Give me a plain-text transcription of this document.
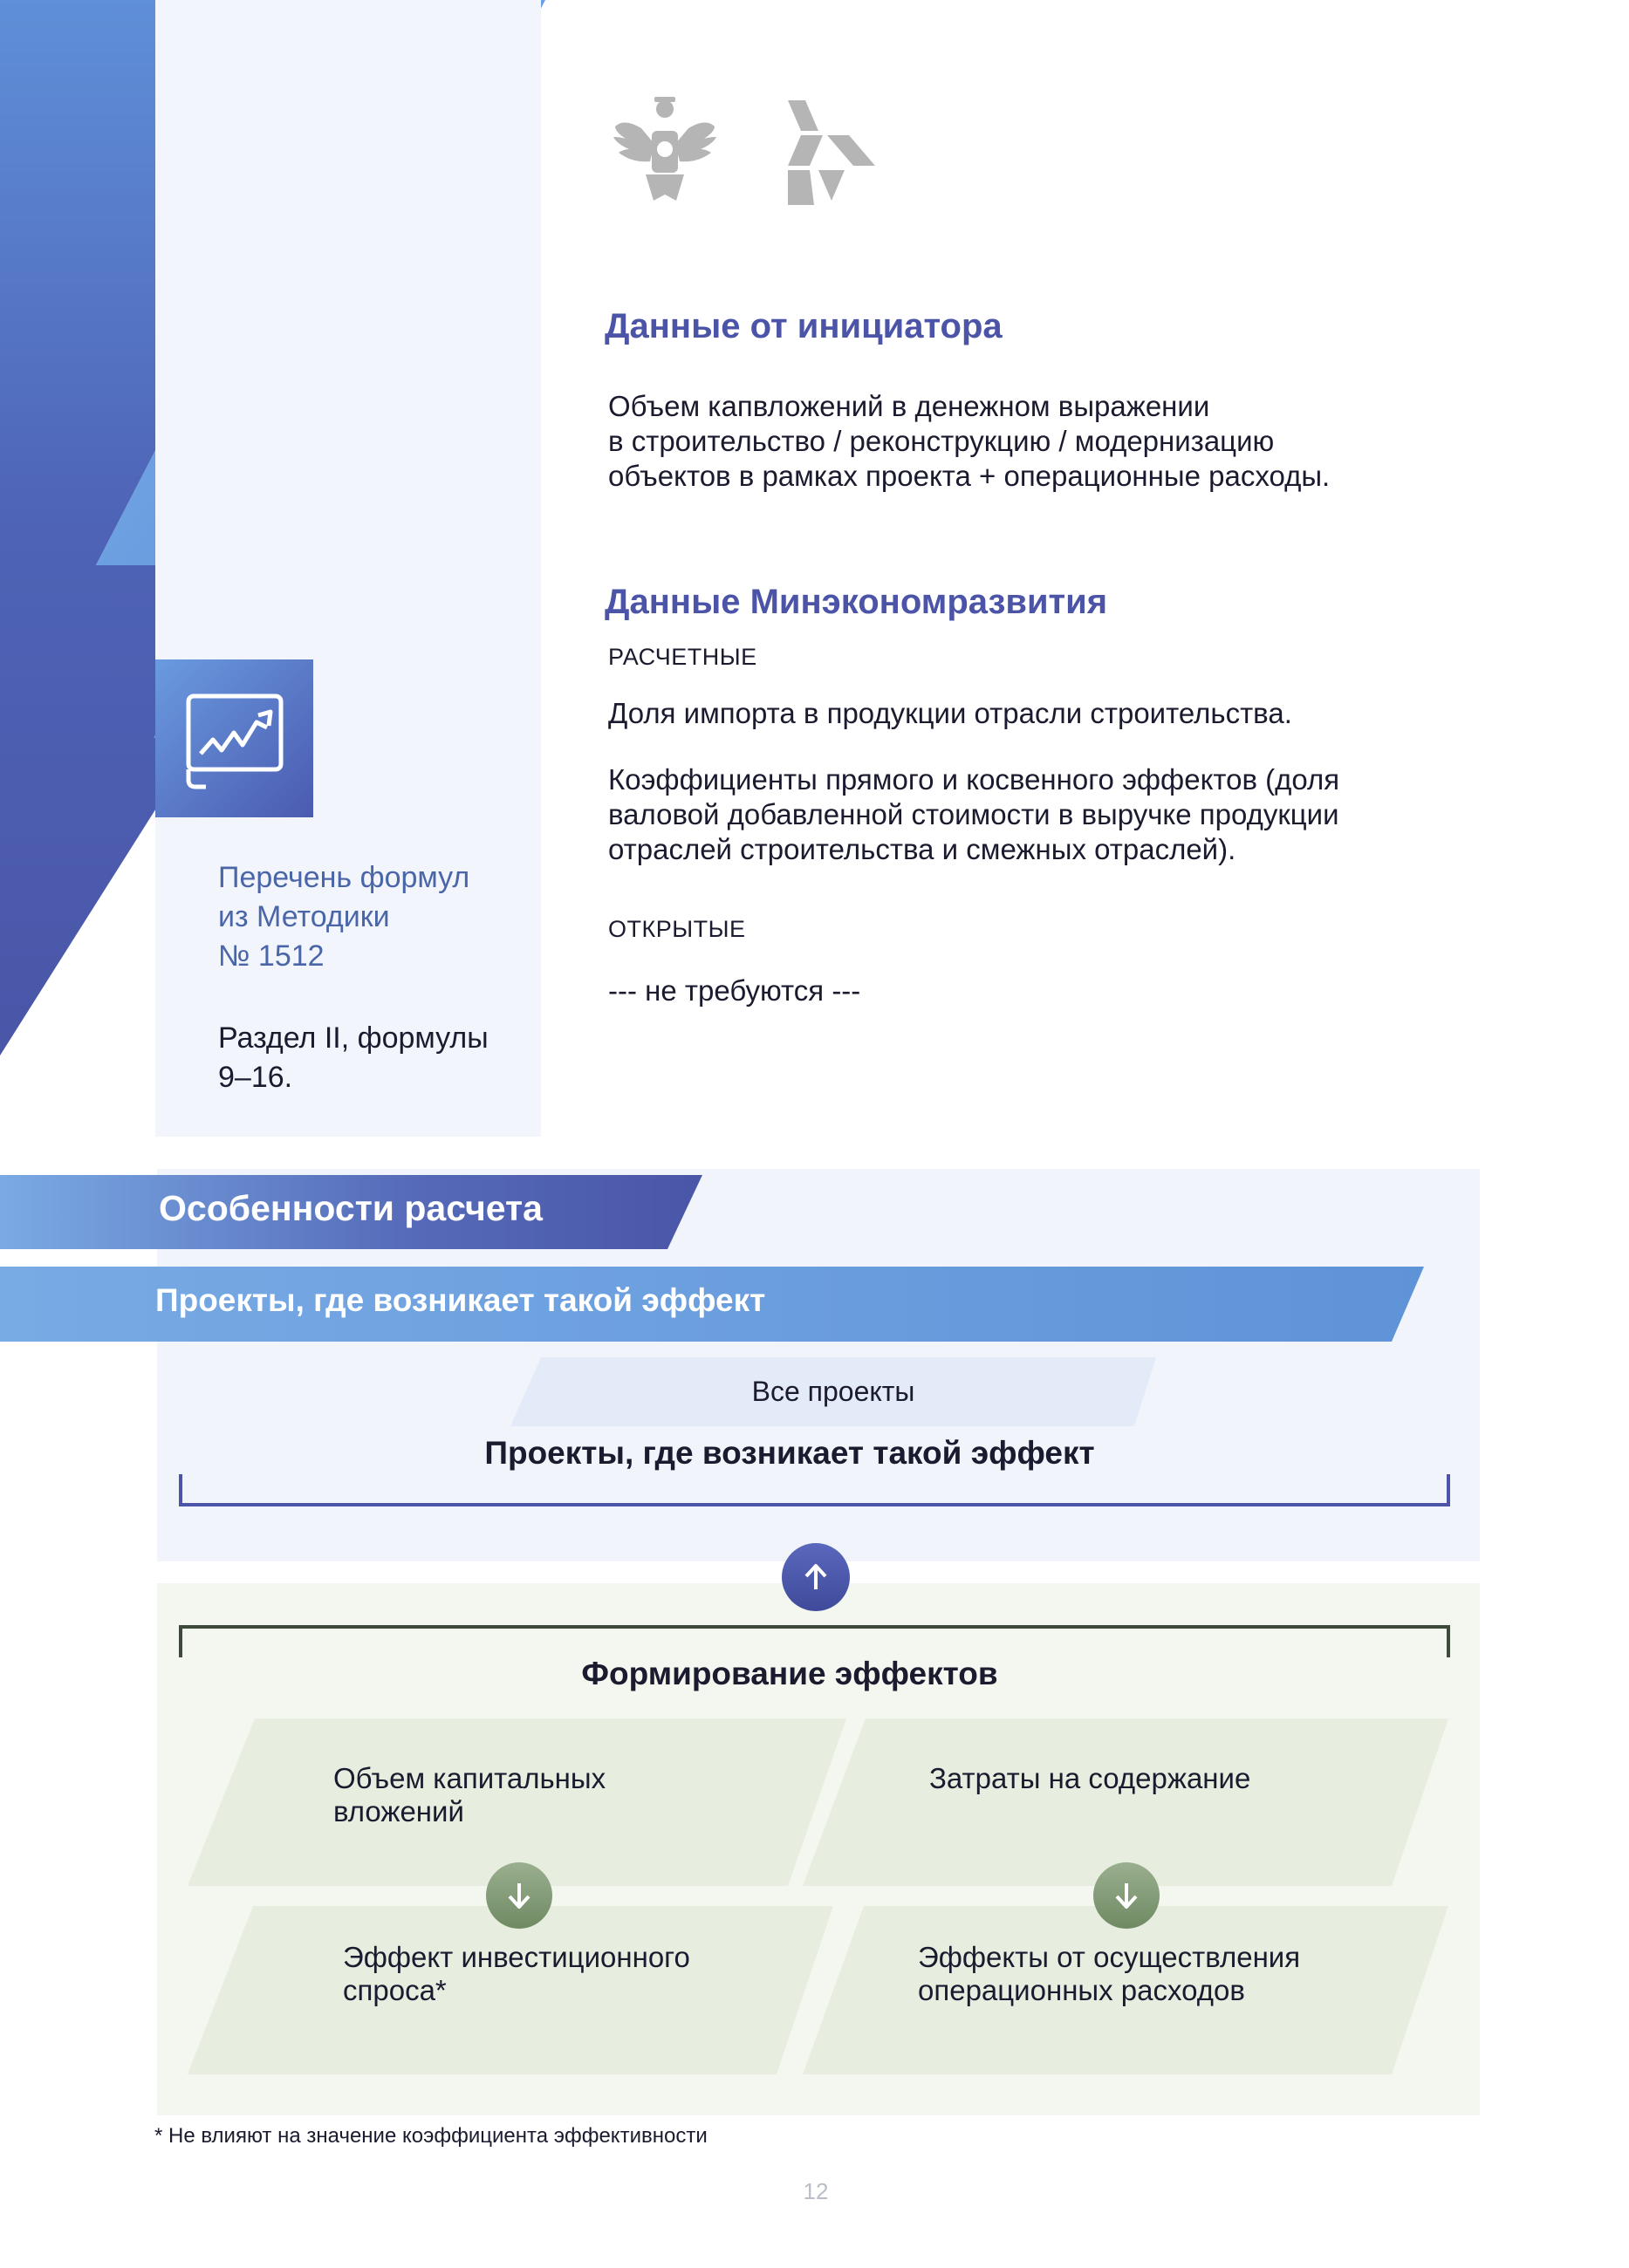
Перечень формул
из Методики
№ 1512
Раздел II, формулы
9–16.
Данные от инициатора
Объем капвложений в денежном выражении
в строительство / реконструкцию / модернизацию
объектов в рамках проекта + операционные расходы.
Данные Минэкономразвития
РАСЧЕТНЫЕ
Доля импорта в продукции отрасли строительства.
Коэффициенты прямого и косвенного эффектов (доля
валовой добавленной стоимости в выручке продукции
отраслей строительства и смежных отраслей).
ОТКРЫТЫЕ
--- не требуются ---
Особенности расчета
Проекты, где возникает такой эффект
Все проекты
Проекты, где возникает такой эффект
Формирование эффектов
Объем капитальных
вложений
Затраты на содержание
Эффект инвестиционного
спроса*
Эффекты от осуществления
операционных расходов
* Не влияют на значение коэффициента эффективности
12
